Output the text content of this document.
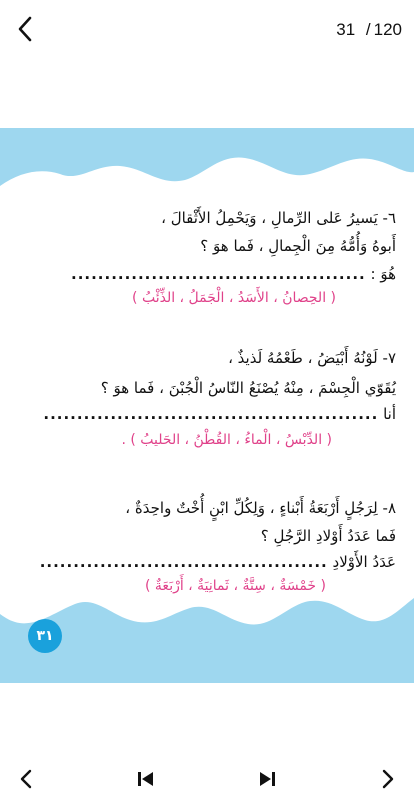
31 / 120
٦- يَسيرُ عَلى الرِّمالِ ، وَيَحْمِلُ الأَثْقالَ ،
أَبوهُ وَأُمُّهُ مِنَ الْجِمالِ ، فَما هوَ ؟
هُوَ : ............................................
( الحِصانُ ، الأَسَدُ ، الْجَمَلُ ، الذِّئْبُ )
٧- لَوْنُهُ أَبْيَضُ ، طَعْمُهُ لَذيذٌ ،
يُقَوّي الْجِسْمَ ، مِنْهُ يُصْنَعُ النّاسُ الْجُبْنَ ، فَما هوَ ؟
أنا ..................................................
( الدِّبْسُ ، الْماءُ ، القُطْنُ ، الحَليبُ ) .
٨- لِرَجُلٍ أَرْبَعَةُ أَبْناءٍ ، وَلِكُلِّ ابْنٍ أُخْتٌ واحِدَةٌ ،
فَما عَدَدُ أَوْلادِ الرَّجُلِ ؟
عَدَدُ الأَوْلادِ ...........................................
( خَمْسَةٌ ، سِتَّةٌ ، ثَمانِيَةٌ ، أَرْبَعَةٌ )
٣١
